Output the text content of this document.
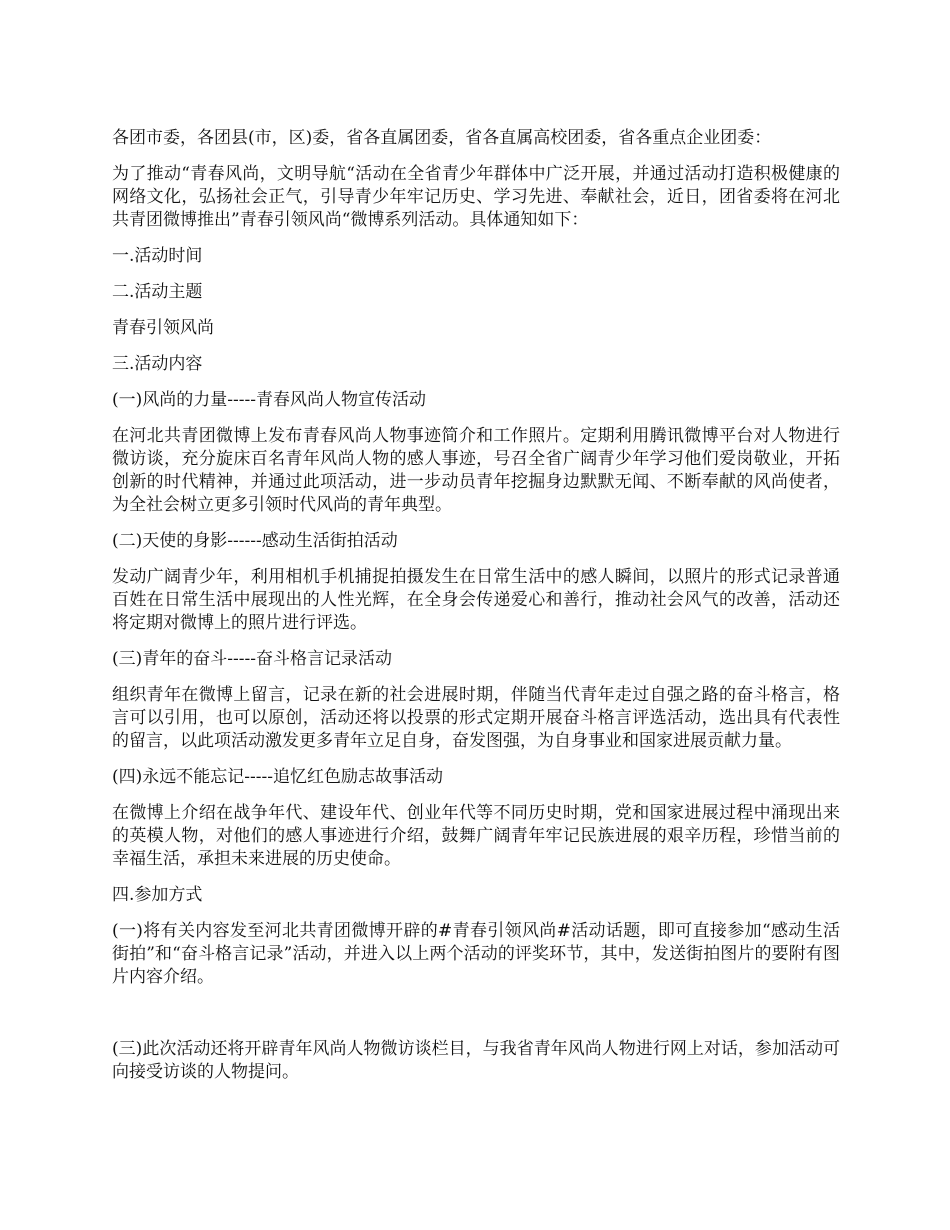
各团市委，各团县(市，区)委，省各直属团委，省各直属高校团委，省各重点企业团委：

为了推动“青春风尚，文明导航“活动在全省青少年群体中广泛开展，并通过活动打造积极健康的网络文化，弘扬社会正气，引导青少年牢记历史、学习先进、奉献社会，近日，团省委将在河北共青团微博推出”青春引领风尚“微博系列活动。具体通知如下：

一.活动时间

二.活动主题

青春引领风尚

三.活动内容

(一)风尚的力量-----青春风尚人物宣传活动

在河北共青团微博上发布青春风尚人物事迹简介和工作照片。定期利用腾讯微博平台对人物进行微访谈，充分旋床百名青年风尚人物的感人事迹，号召全省广阔青少年学习他们爱岗敬业，开拓创新的时代精神，并通过此项活动，进一步动员青年挖掘身边默默无闻、不断奉献的风尚使者，为全社会树立更多引领时代风尚的青年典型。

(二)天使的身影------感动生活街拍活动

发动广阔青少年，利用相机手机捕捉拍摄发生在日常生活中的感人瞬间，以照片的形式记录普通百姓在日常生活中展现出的人性光辉，在全身会传递爱心和善行，推动社会风气的改善，活动还将定期对微博上的照片进行评选。

(三)青年的奋斗-----奋斗格言记录活动

组织青年在微博上留言，记录在新的社会进展时期，伴随当代青年走过自强之路的奋斗格言，格言可以引用，也可以原创，活动还将以投票的形式定期开展奋斗格言评选活动，选出具有代表性的留言，以此项活动激发更多青年立足自身，奋发图强，为自身事业和国家进展贡献力量。

(四)永远不能忘记-----追忆红色励志故事活动

在微博上介绍在战争年代、建设年代、创业年代等不同历史时期，党和国家进展过程中涌现出来的英模人物，对他们的感人事迹进行介绍，鼓舞广阔青年牢记民族进展的艰辛历程，珍惜当前的幸福生活，承担未来进展的历史使命。

四.参加方式

(一)将有关内容发至河北共青团微博开辟的#青春引领风尚#活动话题，即可直接参加“感动生活街拍”和“奋斗格言记录”活动，并进入以上两个活动的评奖环节，其中，发送街拍图片的要附有图片内容介绍。

(三)此次活动还将开辟青年风尚人物微访谈栏目，与我省青年风尚人物进行网上对话，参加活动可向接受访谈的人物提问。
